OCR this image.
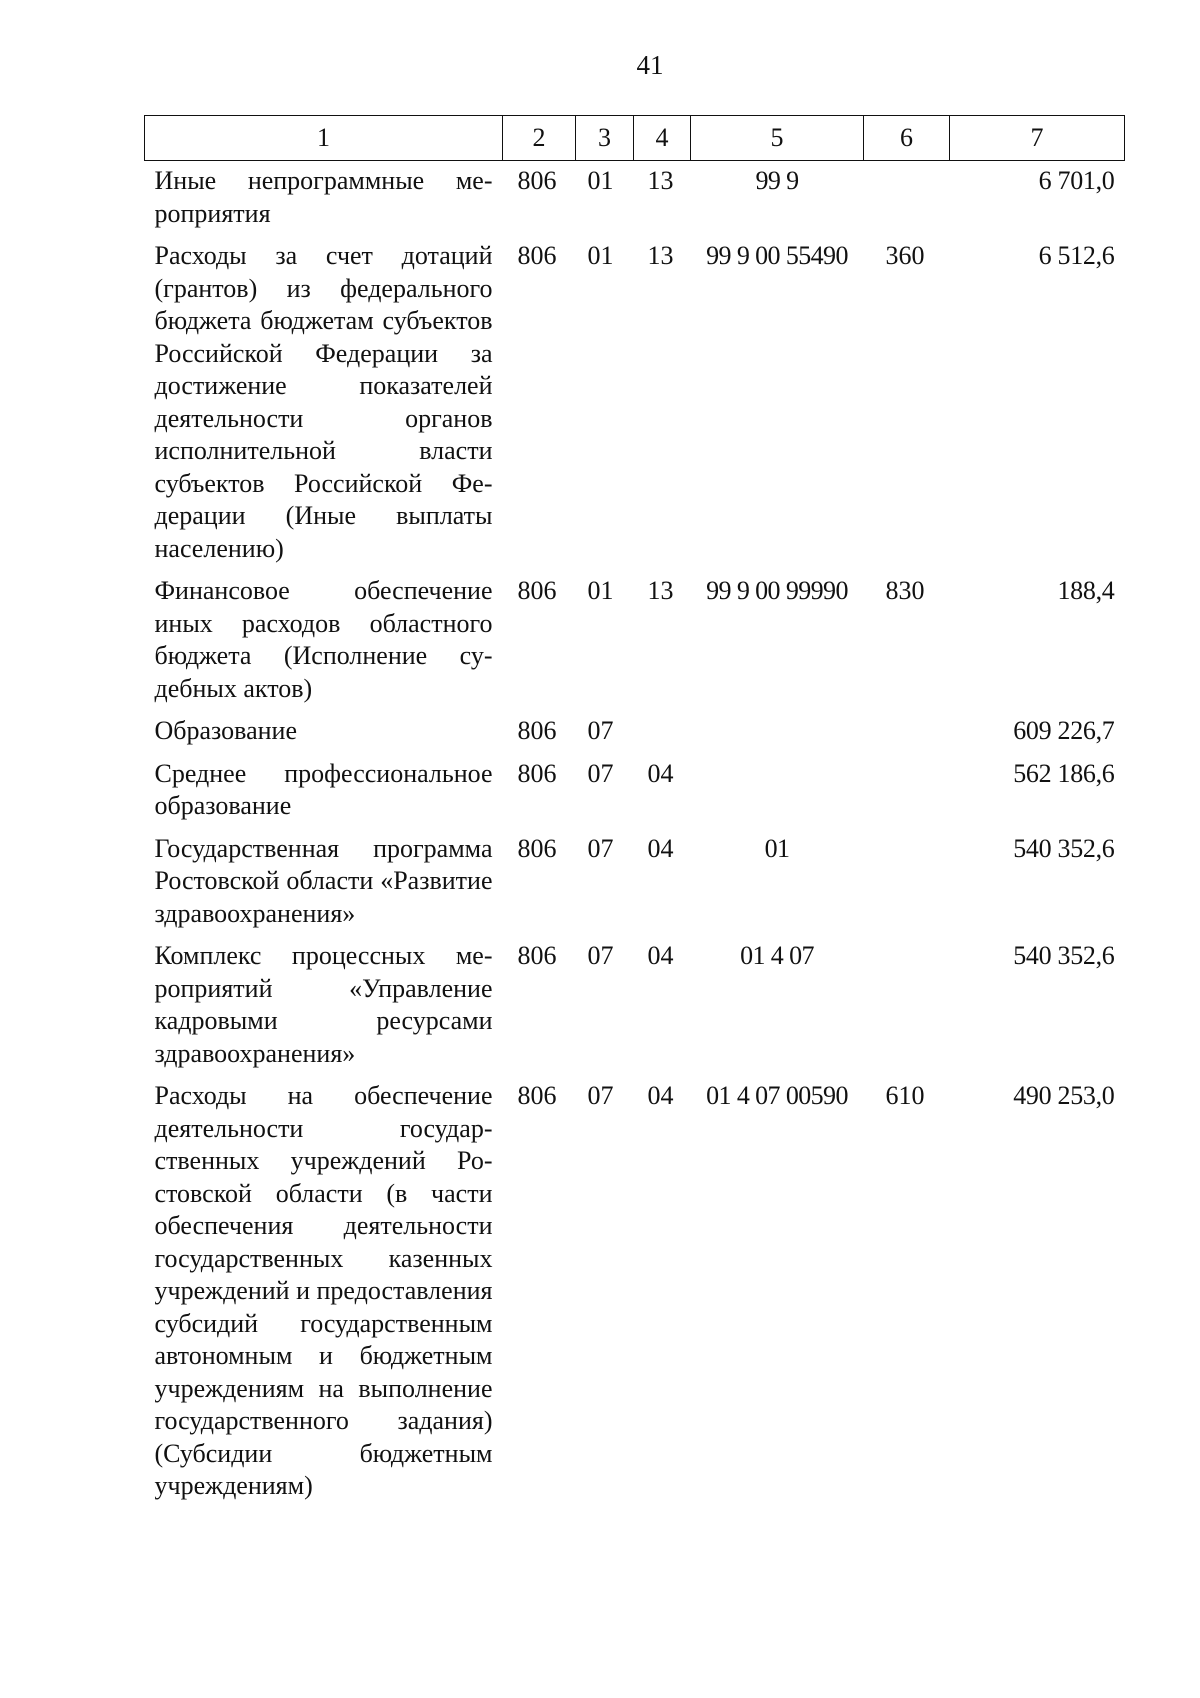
41
1	2	3	4	5	6	7
Иные непрограммные мероприятия	806	01	13	99 9		6 701,0
Расходы за счет дотаций (грантов) из федерального бюджета бюджетам субъектов Российской Федерации за достижение показателей деятельности органов исполнительной власти субъектов Российской Федерации (Иные выплаты населению)	806	01	13	99 9 00 55490	360	6 512,6
Финансовое обеспечение иных расходов областного бюджета (Исполнение судебных актов)	806	01	13	99 9 00 99990	830	188,4
Образование	806	07				609 226,7
Среднее профессиональное образование	806	07	04			562 186,6
Государственная программа Ростовской области «Развитие здравоохранения»	806	07	04	01		540 352,6
Комплекс процессных мероприятий «Управление кадровыми ресурсами здравоохранения»	806	07	04	01 4 07		540 352,6
Расходы на обеспечение деятельности государственных учреждений Ростовской области (в части обеспечения деятельности государственных казенных учреждений и предоставления субсидий государственным автономным и бюджетным учреждениям на выполнение государственного задания) (Субсидии бюджетным учреждениям)	806	07	04	01 4 07 00590	610	490 253,0
